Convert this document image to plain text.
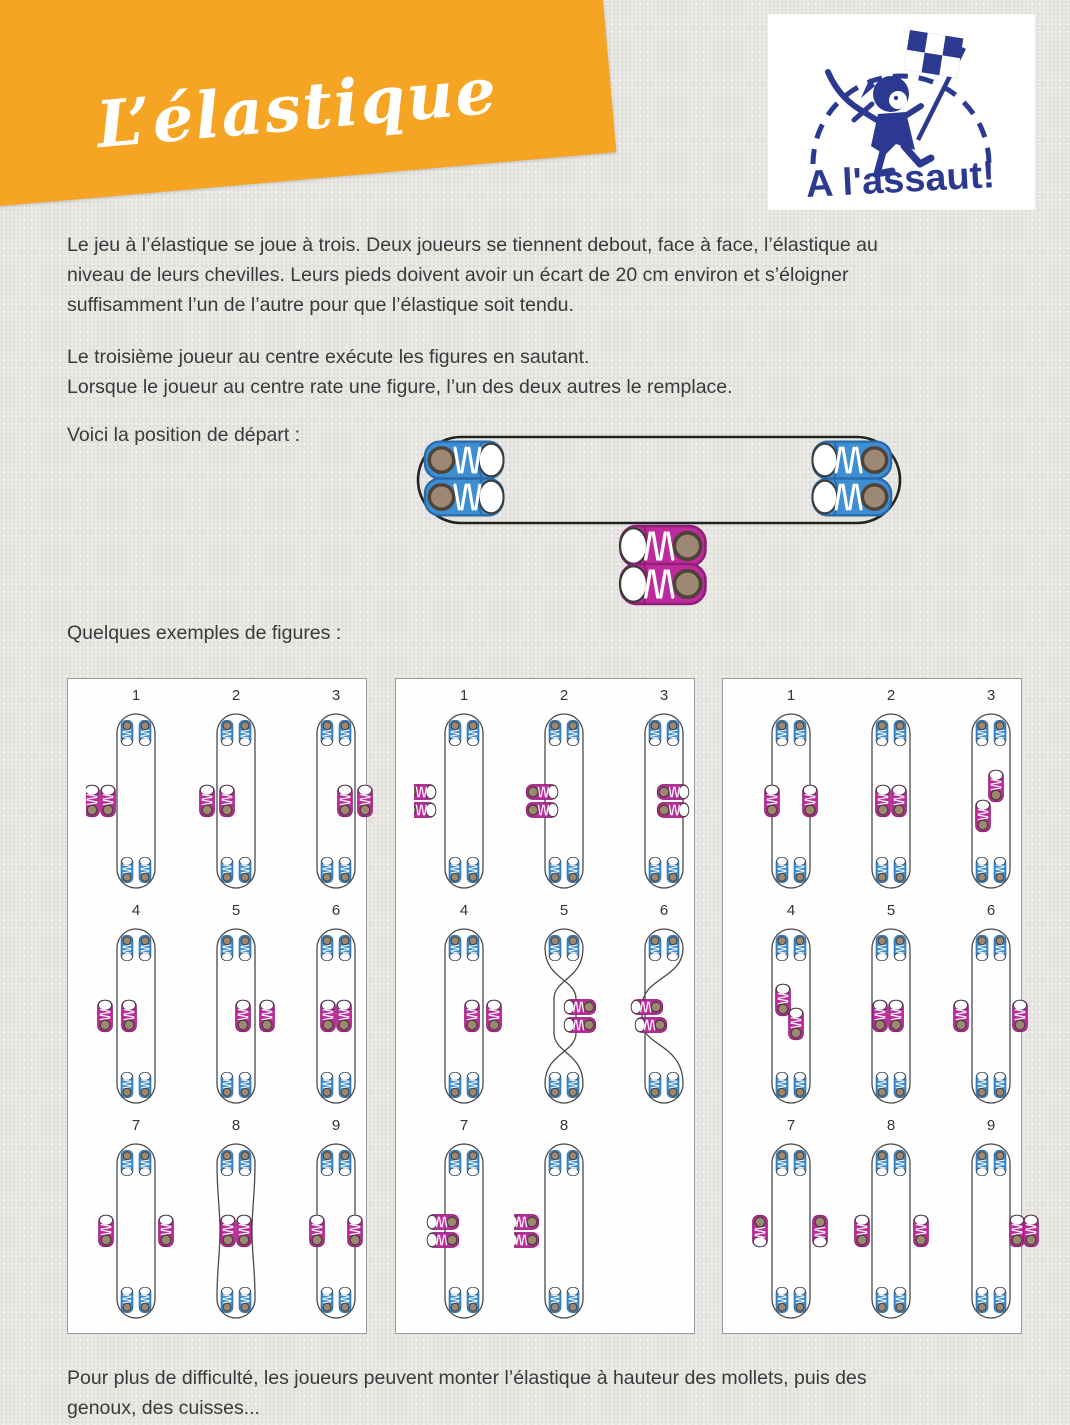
L’élastique
A l'assaut!
Le jeu à l’élastique se joue à trois. Deux joueurs se tiennent debout, face à face, l’élastique au
niveau de leurs chevilles. Leurs pieds doivent avoir un écart de 20 cm environ et s’éloigner
suffisamment l’un de l’autre pour que l’élastique soit tendu.
Le troisième joueur au centre exécute les figures en sautant.
Lorsque le joueur au centre rate une figure, l’un des deux autres le remplace.
Voici la position de départ :
Quelques exemples de figures :
1	2	3
4	5	6
7	8	9
1	2	3
4	5	6
7	8
1	2	3
4	5	6
7	8	9
Pour plus de difficulté, les joueurs peuvent monter l’élastique à hauteur des mollets, puis des
genoux, des cuisses...
